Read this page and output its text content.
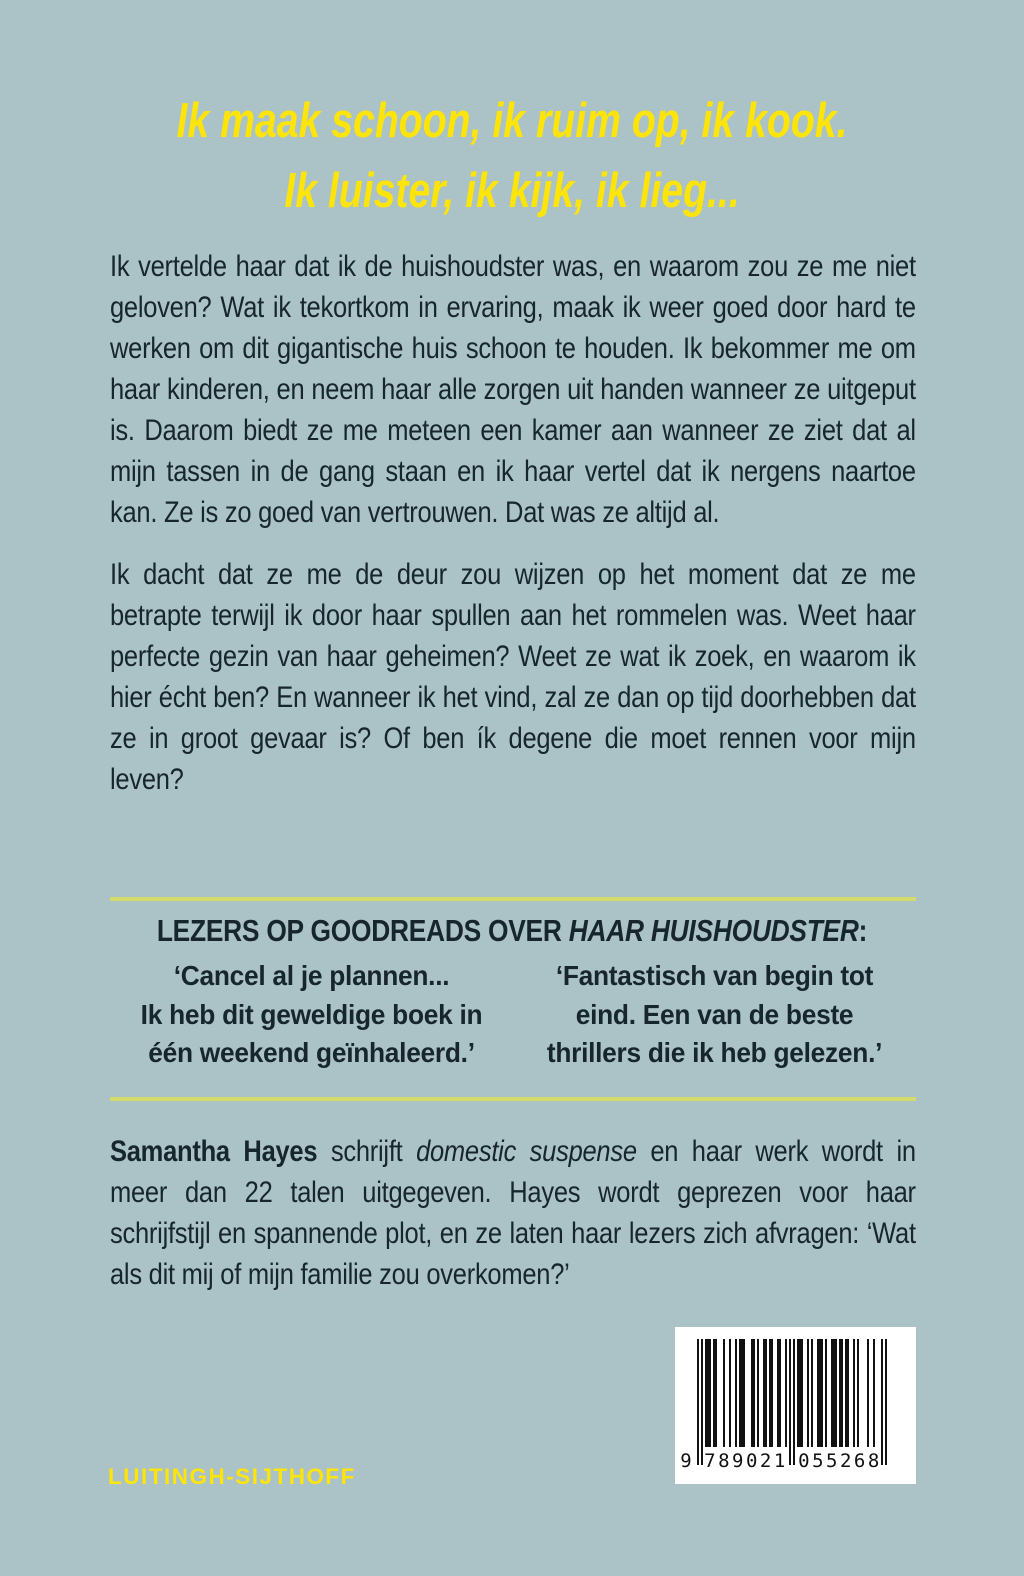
Ik maak schoon, ik ruim op, ik kook.
Ik luister, ik kijk, ik lieg...

Ik vertelde haar dat ik de huishoudster was, en waarom zou ze me niet geloven? Wat ik tekortkom in ervaring, maak ik weer goed door hard te werken om dit gigantische huis schoon te houden. Ik bekommer me om haar kinderen, en neem haar alle zorgen uit handen wanneer ze uitgeput is. Daarom biedt ze me meteen een kamer aan wanneer ze ziet dat al mijn tassen in de gang staan en ik haar vertel dat ik nergens naartoe kan. Ze is zo goed van vertrouwen. Dat was ze altijd al.

Ik dacht dat ze me de deur zou wijzen op het moment dat ze me betrapte terwijl ik door haar spullen aan het rommelen was. Weet haar perfecte gezin van haar geheimen? Weet ze wat ik zoek, en waarom ik hier écht ben? En wanneer ik het vind, zal ze dan op tijd doorhebben dat ze in groot gevaar is? Of ben ík degene die moet rennen voor mijn leven?

LEZERS OP GOODREADS OVER HAAR HUISHOUDSTER:
‘Cancel al je plannen...
Ik heb dit geweldige boek in
één weekend geïnhaleerd.’
‘Fantastisch van begin tot
eind. Een van de beste
thrillers die ik heb gelezen.’

Samantha Hayes schrijft domestic suspense en haar werk wordt in meer dan 22 talen uitgegeven. Hayes wordt geprezen voor haar schrijfstijl en spannende plot, en ze laten haar lezers zich afvragen: ‘Wat als dit mij of mijn familie zou overkomen?’

LUITINGH-SIJTHOFF
9 789021 055268
